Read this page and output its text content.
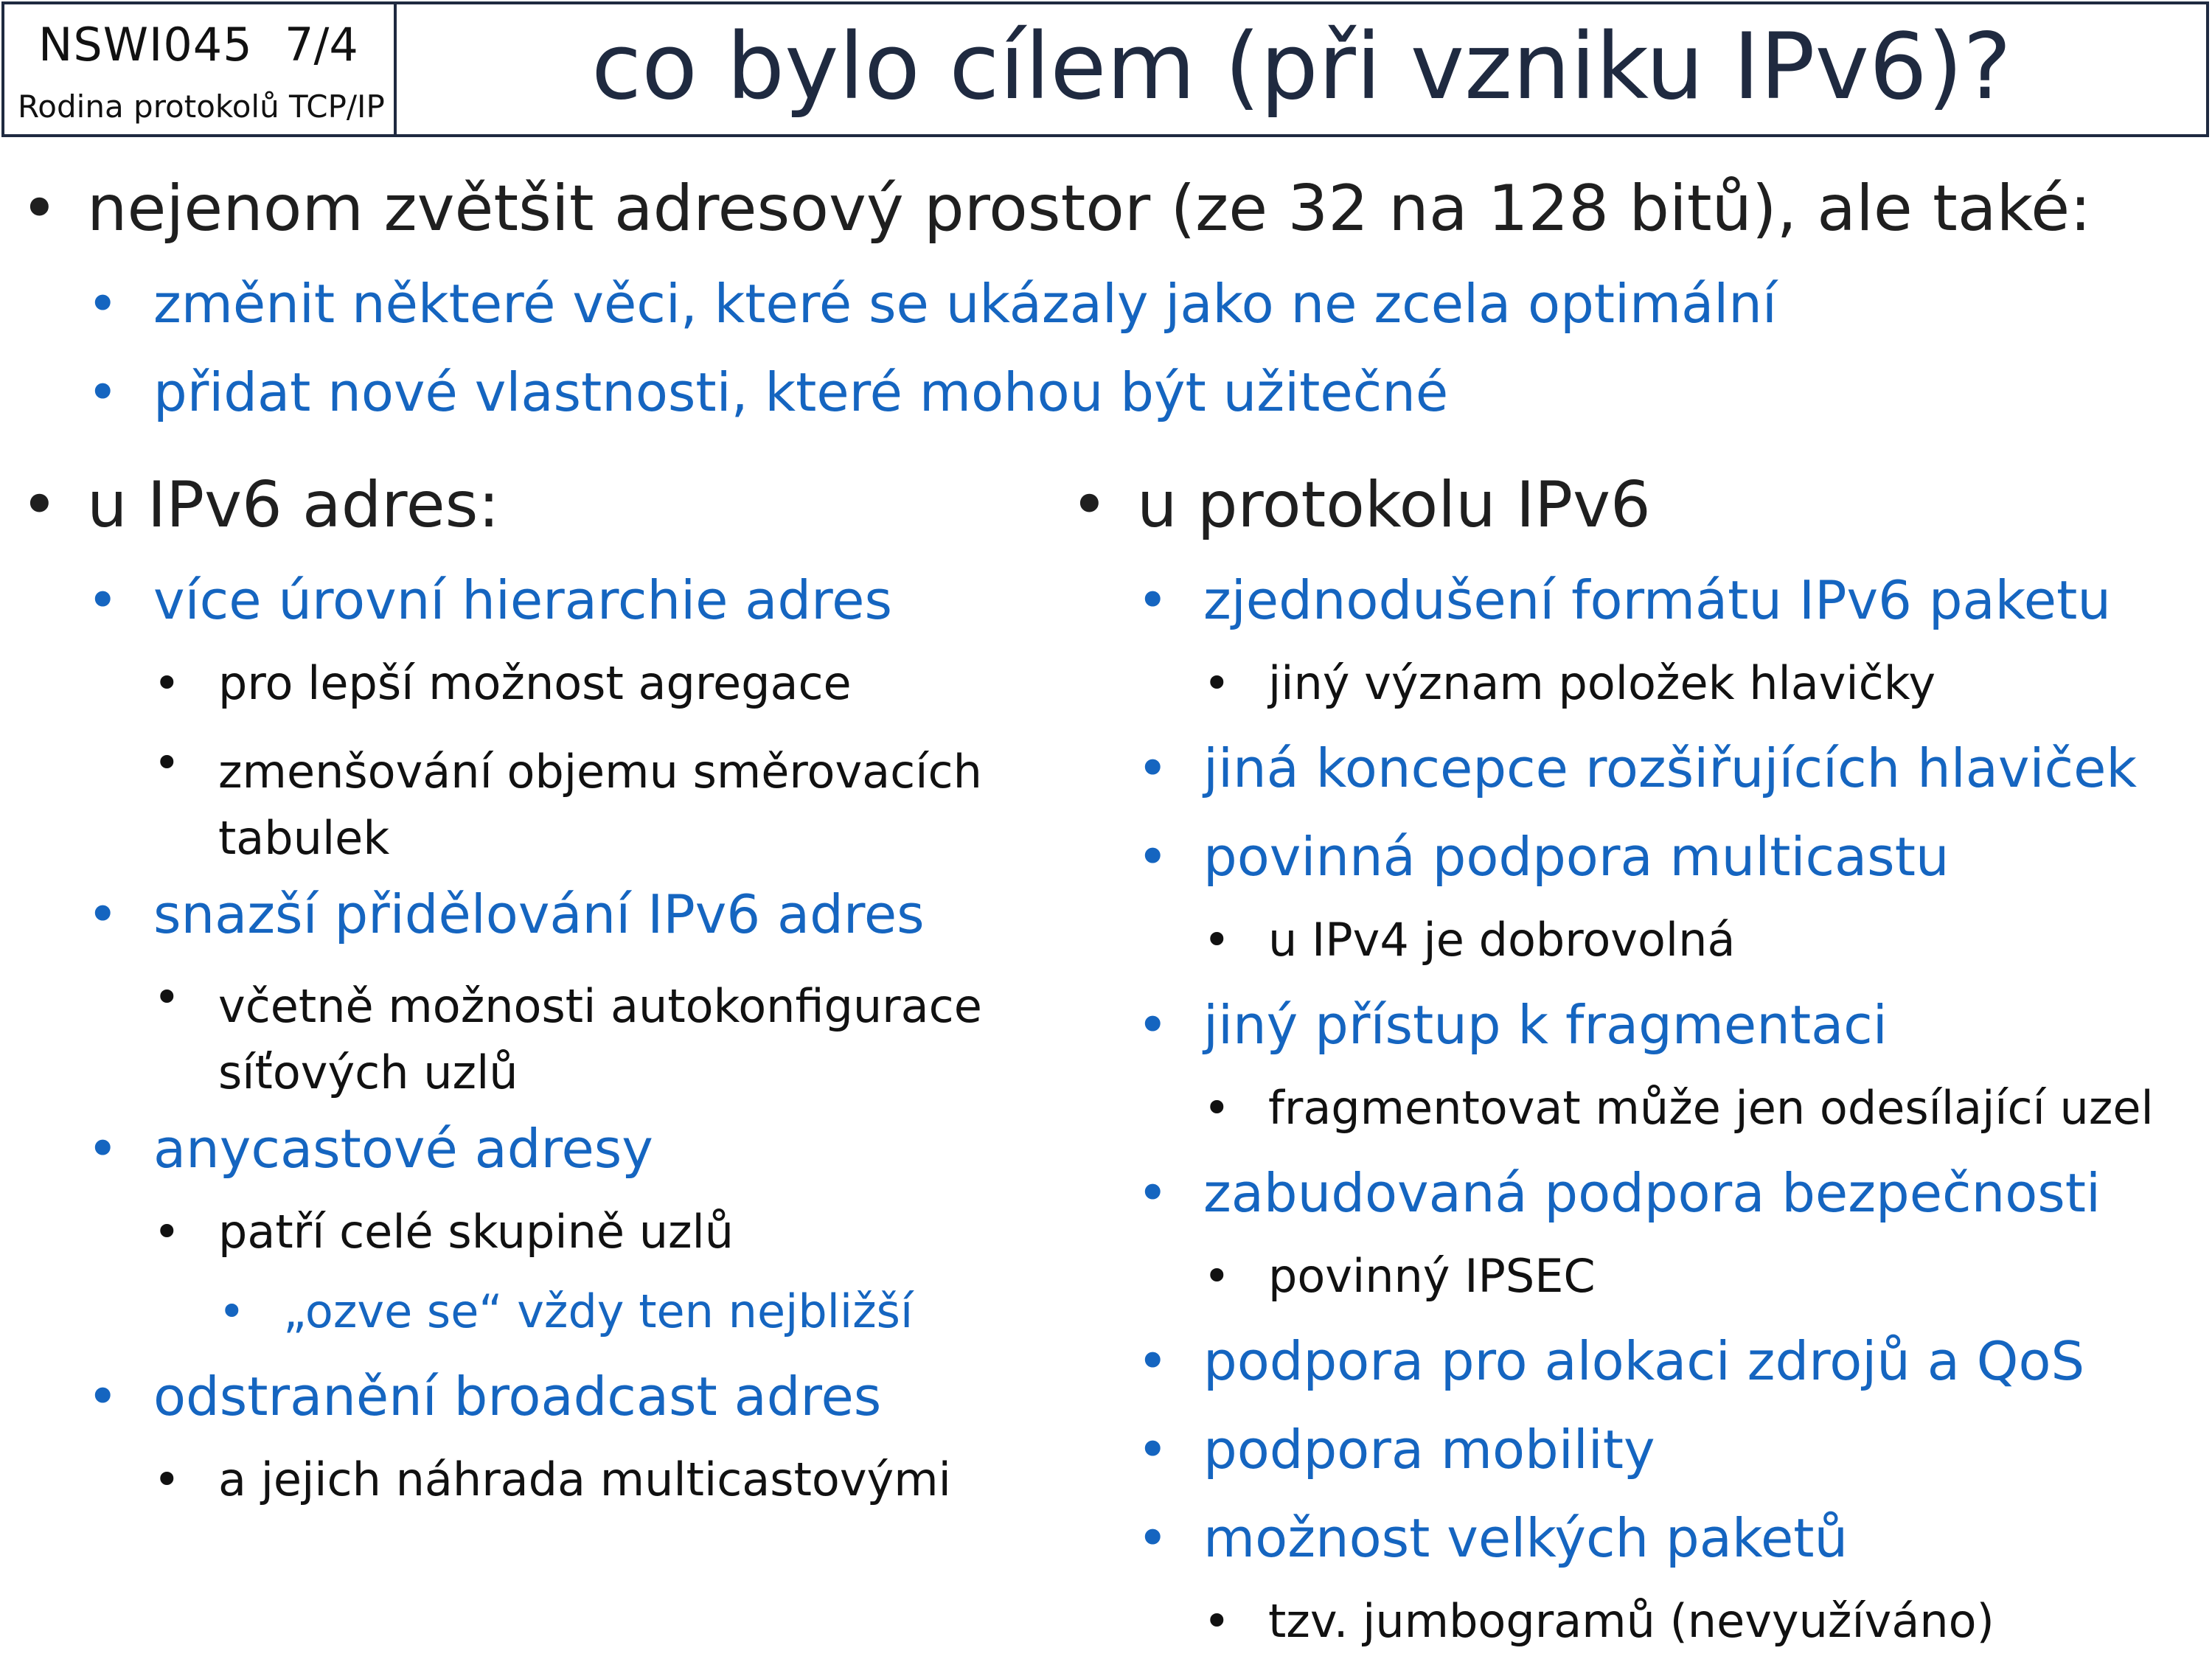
NSWI045 7/4
Rodina protokolů TCP/IP	co bylo cílem (při vzniku IPv6)?
• nejenom zvětšit adresový prostor (ze 32 na 128 bitů), ale také:
• změnit některé věci, které se ukázaly jako ne zcela optimální
• přidat nové vlastnosti, které mohou být užitečné
• u IPv6 adres:
• více úrovní hierarchie adres
• pro lepší možnost agregace
• zmenšování objemu směrovacích tabulek
• snazší přidělování IPv6 adres
• včetně možnosti autokonfigurace síťových uzlů
• anycastové adresy
• patří celé skupině uzlů
• „ozve se“ vždy ten nejbližší
• odstranění broadcast adres
• a jejich náhrada multicastovými
• u protokolu IPv6
• zjednodušení formátu IPv6 paketu
• jiný význam položek hlavičky
• jiná koncepce rozšiřujících hlaviček
• povinná podpora multicastu
• u IPv4 je dobrovolná
• jiný přístup k fragmentaci
• fragmentovat může jen odesílající uzel
• zabudovaná podpora bezpečnosti
• povinný IPSEC
• podpora pro alokaci zdrojů a QoS
• podpora mobility
• možnost velkých paketů
• tzv. jumbogramů (nevyužíváno)
